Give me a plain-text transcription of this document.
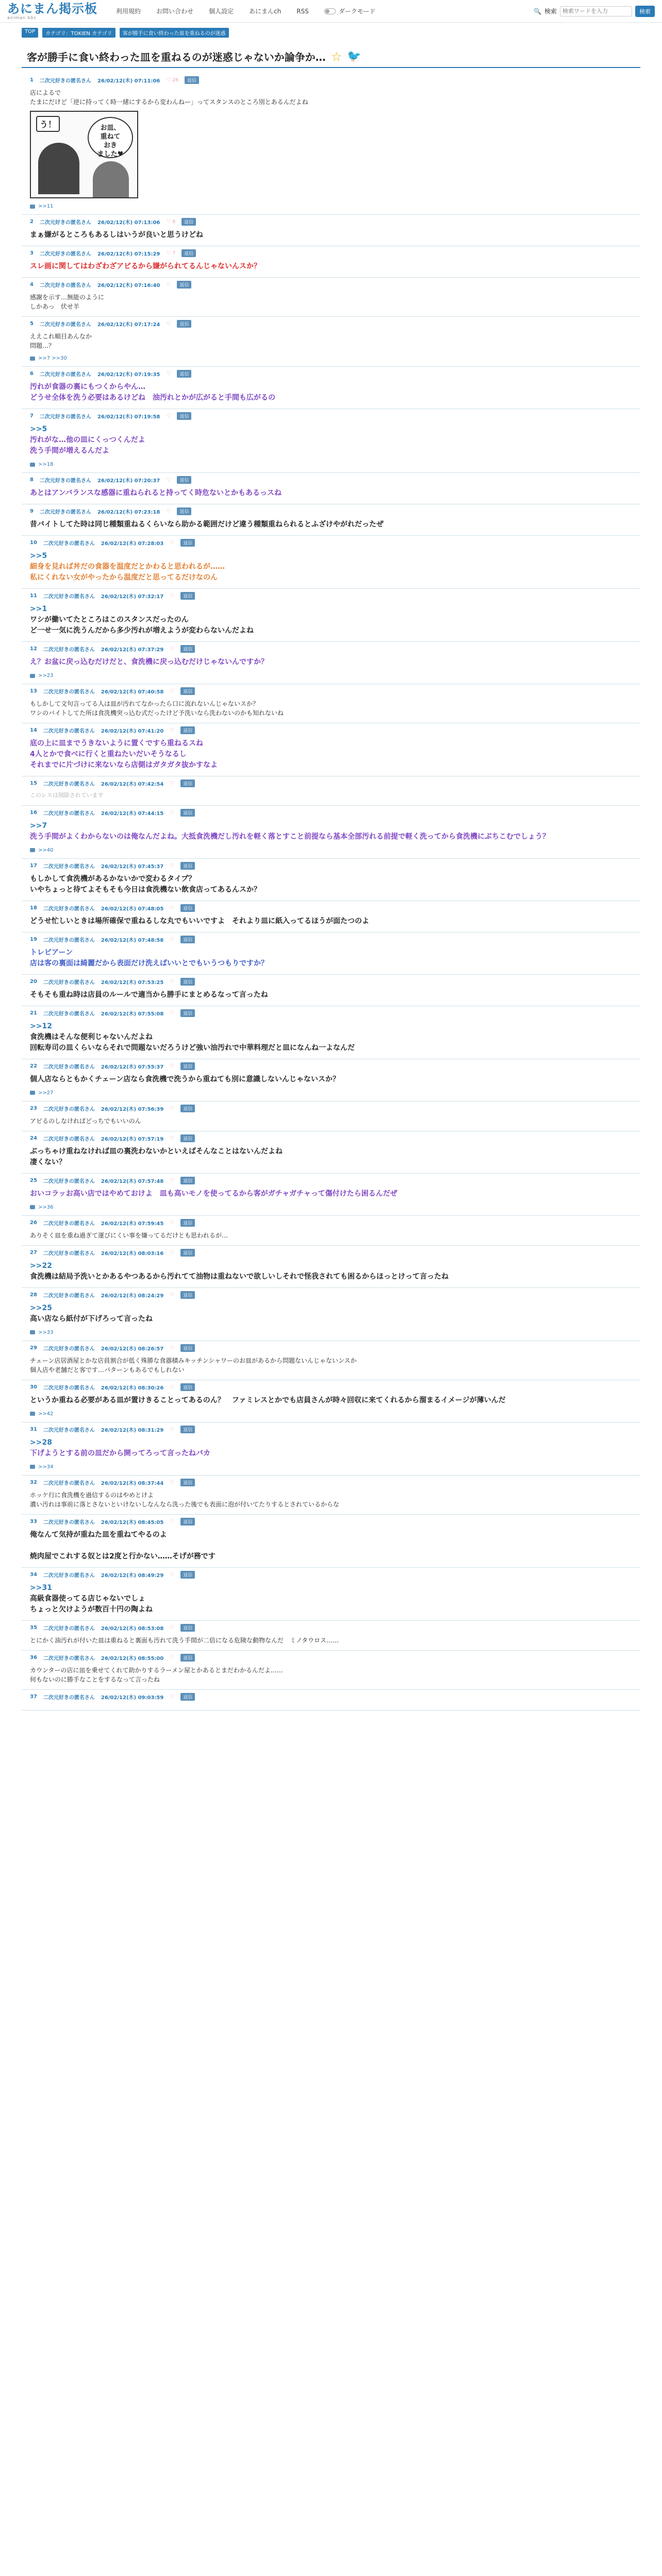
あにまん掲示板
animan bbs
利用規約	お問い合わせ	個人設定	あにまんch	RSS	ダークモード	🔍 検索
検索ワードを入力	検索
TOP	カテゴリ：TOKIEN カテゴリ	客が勝手に食い終わった皿を重ねるのが迷惑
客が勝手に食い終わった皿を重ねるのが迷惑じゃないか論争か… ☆ 🐦
1 二次元好きの匿名さん 26/02/12(木) 07:11:06 ♡ 26	返信
店によるで
たまにだけど「逆に持ってく時一緒にするから変わんねー」ってスタンスのところ別とあるんだよね
う！	お皿、
重ねて
おき
ました♥
>>11
2 二次元好きの匿名さん 26/02/12(木) 07:13:06 ♡ 8	返信
まぁ嫌がるところもあるしはいうが良いと思うけどね
3 二次元好きの匿名さん 26/02/12(木) 07:15:29 ♡ 7	返信
スレ画に関してはわざわざアピるから嫌がられてるんじゃないんスか？
4 二次元好きの匿名さん 26/02/12(木) 07:16:40 ♡	返信
感謝を示す…無能のように
しかあっ　伏せ羊
5 二次元好きの匿名さん 26/02/12(木) 07:17:24 ♡	返信
ええこれ順目あんなか
問題…？
>>7 >>30
6 二次元好きの匿名さん 26/02/12(木) 07:19:35 ♡	返信
汚れが食器の裏にもつくからやん…
どうせ全体を洗う必要はあるけどね　油汚れとかが広がると手間も広がるの
7 二次元好きの匿名さん 26/02/12(木) 07:19:58 ♡	返信
>>5
汚れがな…他の皿にくっつくんだよ
洗う手間が増えるんだよ
>>18
8 二次元好きの匿名さん 26/02/12(木) 07:20:37 ♡	返信
あとはアンバランスな感器に重ねられると持ってく時危ないとかもあるっスね
9 二次元好きの匿名さん 26/02/12(木) 07:23:18 ♡	返信
昔バイトしてた時は同じ種類重ねるくらいなら助かる範囲だけど違う種類重ねられるとふざけやがれだったぜ
10 二次元好きの匿名さん 26/02/12(木) 07:28:03 ♡	返信
>>5
細身を見れば丼だの食器を温度だとかわると思われるが……
私にくれない女がやったから温度だと思ってるだけなのん
11 二次元好きの匿名さん 26/02/12(木) 07:32:17 ♡	返信
>>1
ワシが働いてたところはこのスタンスだったのん
ど一せ一気に洗うんだから多少汚れが増えようが変わらないんだよね
12 二次元好きの匿名さん 26/02/12(木) 07:37:29 ♡	返信
え？お盆に戻っ込むだけだと、食洗機に戻っ込むだけじゃないんですか？
>>23
13 二次元好きの匿名さん 26/02/12(木) 07:40:58 ♡	返信
もしかして文句言ってる人は皿が汚れてなかったら口に流れないんじゃないスか？
ワシのバイトしてた所は食洗機突っ込む式だったけど予洗いなら洗わないのかも知れないね
14 二次元好きの匿名さん 26/02/12(木) 07:41:20 ♡	返信
底の上に皿までうきないように置くですら重ねるスね
4人とかで食べに行くと重ねたいだいそうなるし
それまでに片づけに来ないなら店側はガタガタ抜かすなよ
15 二次元好きの匿名さん 26/02/12(木) 07:42:54 ♡	返信
このレスは削除されています
16 二次元好きの匿名さん 26/02/12(木) 07:44:15 ♡	返信
>>7
洗う手間がよくわからないのは俺なんだよね。大抵食洗機だし汚れを軽く落とすこと前提なら基本全部汚れる前提で軽く洗ってから食洗機にぶちこむでしょう？
>>40
17 二次元好きの匿名さん 26/02/12(木) 07:45:37 ♡	返信
もしかして食洗機があるかないかで変わるタイプ？
いやちょっと待てよそもそも今日は食洗機ない飲食店ってあるんスか？
18 二次元好きの匿名さん 26/02/12(木) 07:48:05 ♡	返信
どうせ忙しいときは場所確保で重ねるしな丸でもいいですよ　それより皿に紙入ってるほうが面たつのよ
19 二次元好きの匿名さん 26/02/12(木) 07:48:58 ♡	返信
トレビアーン
店は客の裏面は綺麗だから表面だけ洗えばいいとでもいうつもりですか？
20 二次元好きの匿名さん 26/02/12(木) 07:53:25 ♡	返信
そもそも重ね時は店員のルールで適当から勝手にまとめるなって言ったね
21 二次元好きの匿名さん 26/02/12(木) 07:55:08 ♡	返信
>>12
食洗機はそんな便利じゃないんだよね
回転寿司の皿くらいならそれで問題ないだろうけど強い油汚れで中華料理だと皿になんね一よなんだ
22 二次元好きの匿名さん 26/02/12(木) 07:55:37 ♡	返信
個人店ならともかくチェーン店なら食洗機で洗うから重ねても別に意識しないんじゃないスか？
>>27
23 二次元好きの匿名さん 26/02/12(木) 07:56:39 ♡	返信
アピるのしなければどっちでもいいのん
24 二次元好きの匿名さん 26/02/12(木) 07:57:19 ♡	返信
ぶっちゃけ重ねなければ皿の裏洗わないかといえばそんなことはないんだよね
凄くない？
25 二次元好きの匿名さん 26/02/12(木) 07:57:48 ♡	返信
おいコラッお高い店ではやめておけよ　皿も高いモノを使ってるから客がガチャガチャって傷付けたら困るんだぜ
>>36
26 二次元好きの匿名さん 26/02/12(木) 07:59:45 ♡	返信
ありそく皿を重ね過ぎて運びにくい事を嫌ってるだけとも思われるが…
27 二次元好きの匿名さん 26/02/12(木) 08:03:16 ♡	返信
>>22
食洗機は結局予洗いとかあるやつあるから汚れてて油物は重ねないで欲しいしそれで怪我されても困るからほっとけって言ったね
28 二次元好きの匿名さん 26/02/12(木) 08:24:29 ♡	返信
>>25
高い店なら紙付が下げろって言ったね
>>33
29 二次元好きの匿名さん 26/02/12(木) 08:26:57 ♡	返信
チェーン店居酒屋とかな店員割合が低く殊勝な食器積みキッチンシャワーのお皿があるから問題ないんじゃないンスか
個人店や老舗だと客です…パターンもあるでもしれない
30 二次元好きの匿名さん 26/02/12(木) 08:30:26 ♡	返信
というか重ねる必要がある皿が置けきることってあるのん？　ファミレスとかでも店員さんが時々回収に来てくれるから溜まるイメージが薄いんだ
>>42
31 二次元好きの匿名さん 26/02/12(木) 08:31:29 ♡	返信
>>28
下げようとする前の皿だから開ってろって言ったねバカ
>>34
32 二次元好きの匿名さん 26/02/12(木) 08:37:44 ♡	返信
ホッケ行に食洗機を過信するのはやめとけよ
濃い汚れは事前に落とさないといけないしなんなら洗った後でも表面に泡が付いてたりするとされているからな
33 二次元好きの匿名さん 26/02/12(木) 08:45:05 ♡	返信
俺なんて気持が重ねた皿を重ねてやるのよ

焼肉屋でこれする奴とは2度と行かない……そげが務です
34 二次元好きの匿名さん 26/02/12(木) 08:49:29 ♡	返信
>>31
高級食器使ってる店じゃないでしょ
ちょっと欠けようが数百十円の陶よね
35 二次元好きの匿名さん 26/02/12(木) 08:53:08 ♡	返信
とにかく油汚れが付いた皿は重ねると裏面も汚れて洗う手間が二倍になる危険な動物なんだ　ミノタウロス……
36 二次元好きの匿名さん 26/02/12(木) 08:55:00 ♡	返信
カウンターの店に皿を乗せてくれて助かりするラーメン屋とかあるとまだわかるんだよ……
何もないのに勝手なことをするなって言ったね
37 二次元好きの匿名さん 26/02/12(木) 09:03:59 ♡	返信
